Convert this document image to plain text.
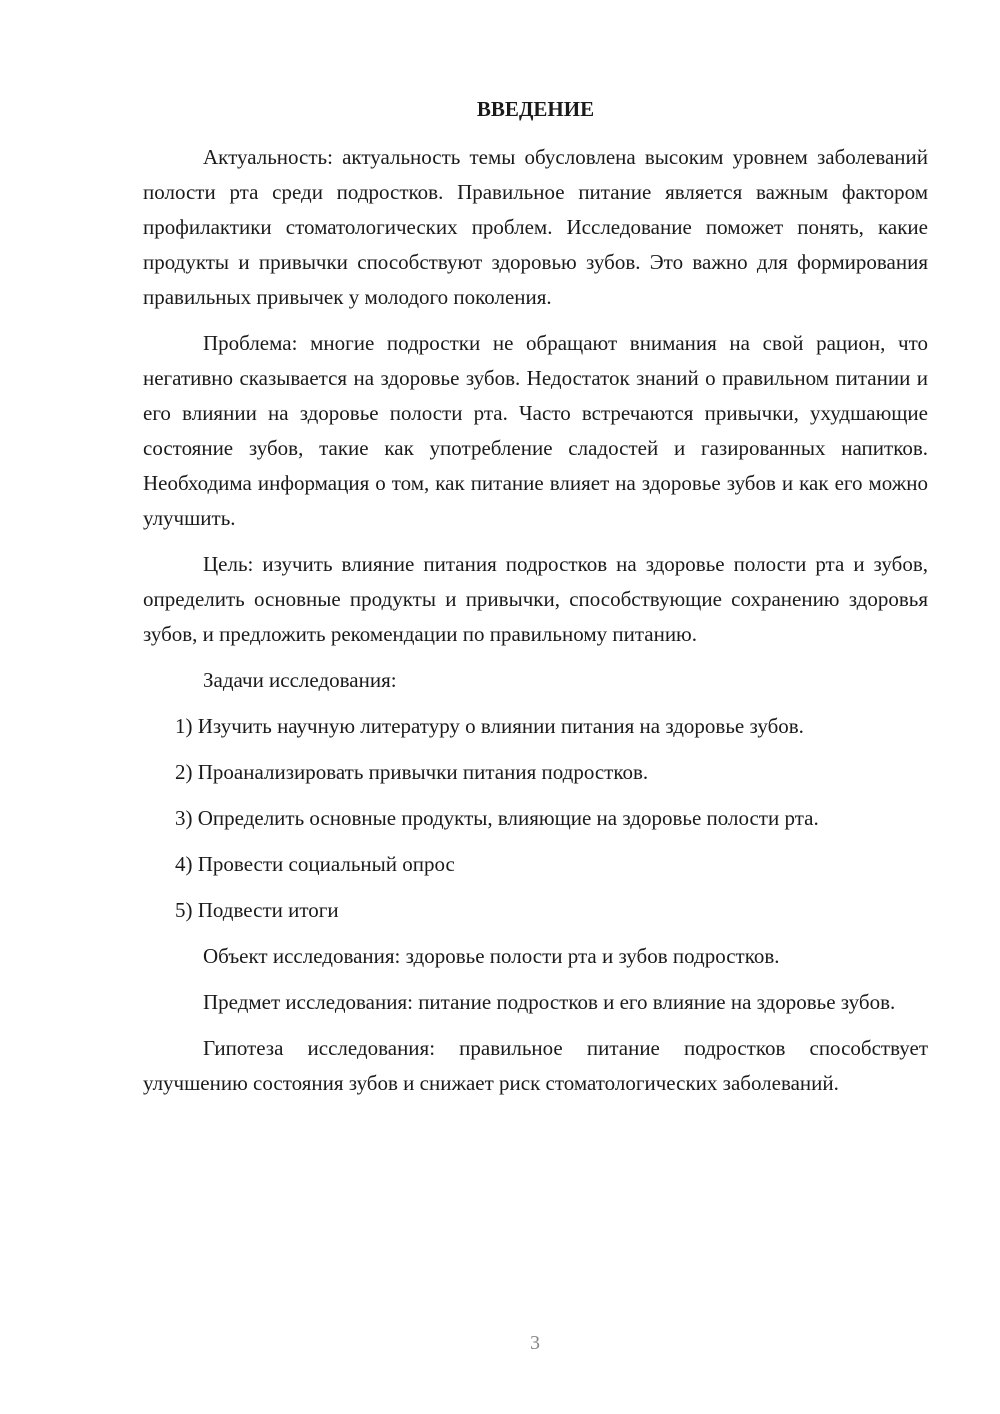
ВВЕДЕНИЕ

Актуальность: актуальность темы обусловлена высоким уровнем заболеваний полости рта среди подростков. Правильное питание является важным фактором профилактики стоматологических проблем. Исследование поможет понять, какие продукты и привычки способствуют здоровью зубов. Это важно для формирования правильных привычек у молодого поколения.

Проблема: многие подростки не обращают внимания на свой рацион, что негативно сказывается на здоровье зубов. Недостаток знаний о правильном питании и его влиянии на здоровье полости рта. Часто встречаются привычки, ухудшающие состояние зубов, такие как употребление сладостей и газированных напитков. Необходима информация о том, как питание влияет на здоровье зубов и как его можно улучшить.

Цель: изучить влияние питания подростков на здоровье полости рта и зубов, определить основные продукты и привычки, способствующие сохранению здоровья зубов, и предложить рекомендации по правильному питанию.

Задачи исследования:

1) Изучить научную литературу о влиянии питания на здоровье зубов.

2) Проанализировать привычки питания подростков.

3) Определить основные продукты, влияющие на здоровье полости рта.

4) Провести социальный опрос

5) Подвести итоги

Объект исследования: здоровье полости рта и зубов подростков.

Предмет исследования: питание подростков и его влияние на здоровье зубов.

Гипотеза исследования: правильное питание подростков способствует улучшению состояния зубов и снижает риск стоматологических заболеваний.

3
